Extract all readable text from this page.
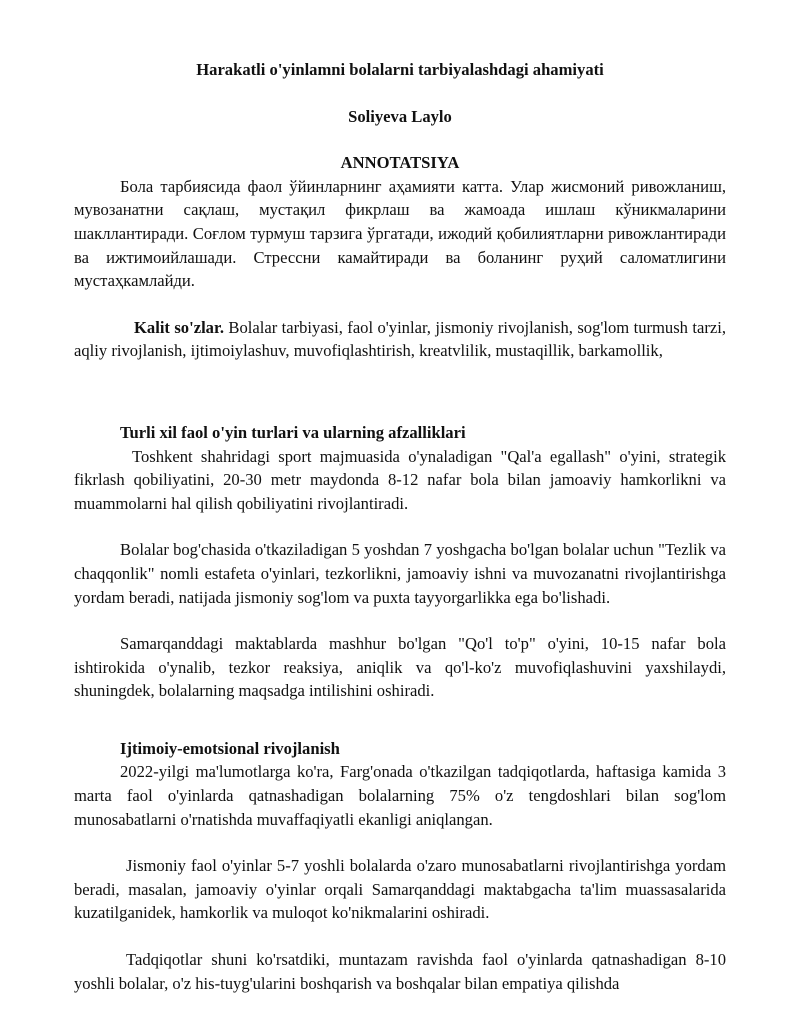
Harakatli o'yinlamni bolalarni tarbiyalashdagi ahamiyati

Soliyeva Laylo

ANNOTATSIYA

Бола тарбиясида фаол ўйинларнинг аҳамияти катта. Улар жисмоний ривожланиш, мувозанатни сақлаш, мустақил фикрлаш ва жамоада ишлаш кўникмаларини шакллантиради. Соғлом турмуш тарзига ўргатади, ижодий қобилиятларни ривожлантиради ва ижтимоийлашади. Стрессни камайтиради ва боланинг руҳий саломатлигини мустаҳкамлайди.

Kalit so'zlar. Bolalar tarbiyasi, faol o'yinlar, jismoniy rivojlanish, sog'lom turmush tarzi, aqliy rivojlanish, ijtimoiylashuv, muvofiqlashtirish, kreatvlilik, mustaqillik, barkamollik,

Turli xil faol o'yin turlari va ularning afzalliklari

Toshkent shahridagi sport majmuasida o'ynaladigan "Qal'a egallash" o'yini, strategik fikrlash qobiliyatini, 20-30 metr maydonda 8-12 nafar bola bilan jamoaviy hamkorlikni va muammolarni hal qilish qobiliyatini rivojlantiradi.

Bolalar bog'chasida o'tkaziladigan 5 yoshdan 7 yoshgacha bo'lgan bolalar uchun "Tezlik va chaqqonlik" nomli estafeta o'yinlari, tezkorlikni, jamoaviy ishni va muvozanatni rivojlantirishga yordam beradi, natijada jismoniy sog'lom va puxta tayyorgarlikka ega bo'lishadi.

Samarqanddagi maktablarda mashhur bo'lgan "Qo'l to'p" o'yini, 10-15 nafar bola ishtirokida o'ynalib, tezkor reaksiya, aniqlik va qo'l-ko'z muvofiqlashuvini yaxshilaydi, shuningdek, bolalarning maqsadga intilishini oshiradi.

Ijtimoiy-emotsional rivojlanish

2022-yilgi ma'lumotlarga ko'ra, Farg'onada o'tkazilgan tadqiqotlarda, haftasiga kamida 3 marta faol o'yinlarda qatnashadigan bolalarning 75% o'z tengdoshlari bilan sog'lom munosabatlarni o'rnatishda muvaffaqiyatli ekanligi aniqlangan.

Jismoniy faol o'yinlar 5-7 yoshli bolalarda o'zaro munosabatlarni rivojlantirishga yordam beradi, masalan, jamoaviy o'yinlar orqali Samarqanddagi maktabgacha ta'lim muassasalarida kuzatilganidek, hamkorlik va muloqot ko'nikmalarini oshiradi.

Tadqiqotlar shuni ko'rsatdiki, muntazam ravishda faol o'yinlarda qatnashadigan 8-10 yoshli bolalar, o'z his-tuyg'ularini boshqarish va boshqalar bilan empatiya qilishda
